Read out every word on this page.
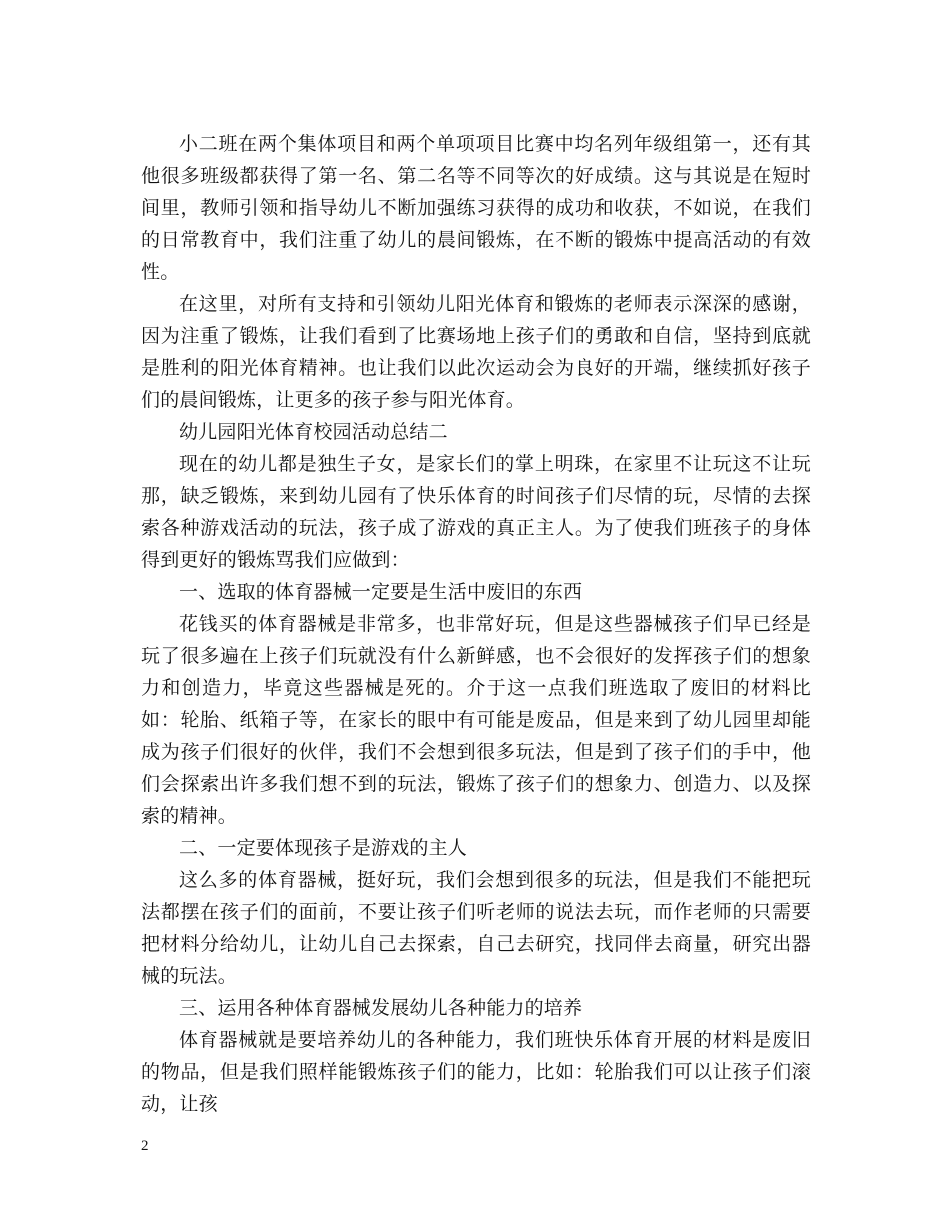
小二班在两个集体项目和两个单项项目比赛中均名列年级组第一，还有其他很多班级都获得了第一名、第二名等不同等次的好成绩。这与其说是在短时间里，教师引领和指导幼儿不断加强练习获得的成功和收获，不如说，在我们的日常教育中，我们注重了幼儿的晨间锻炼，在不断的锻炼中提高活动的有效性。

在这里，对所有支持和引领幼儿阳光体育和锻炼的老师表示深深的感谢，因为注重了锻炼，让我们看到了比赛场地上孩子们的勇敢和自信，坚持到底就是胜利的阳光体育精神。也让我们以此次运动会为良好的开端，继续抓好孩子们的晨间锻炼，让更多的孩子参与阳光体育。

幼儿园阳光体育校园活动总结二

现在的幼儿都是独生子女，是家长们的掌上明珠，在家里不让玩这不让玩那，缺乏锻炼，来到幼儿园有了快乐体育的时间孩子们尽情的玩，尽情的去探索各种游戏活动的玩法，孩子成了游戏的真正主人。为了使我们班孩子的身体得到更好的锻炼骂我们应做到：

一、选取的体育器械一定要是生活中废旧的东西

花钱买的体育器械是非常多，也非常好玩，但是这些器械孩子们早已经是玩了很多遍在上孩子们玩就没有什么新鲜感，也不会很好的发挥孩子们的想象力和创造力，毕竟这些器械是死的。介于这一点我们班选取了废旧的材料比如：轮胎、纸箱子等，在家长的眼中有可能是废品，但是来到了幼儿园里却能成为孩子们很好的伙伴，我们不会想到很多玩法，但是到了孩子们的手中，他们会探索出许多我们想不到的玩法，锻炼了孩子们的想象力、创造力、以及探索的精神。

二、一定要体现孩子是游戏的主人

这么多的体育器械，挺好玩，我们会想到很多的玩法，但是我们不能把玩法都摆在孩子们的面前，不要让孩子们听老师的说法去玩，而作老师的只需要把材料分给幼儿，让幼儿自己去探索，自己去研究，找同伴去商量，研究出器械的玩法。

三、运用各种体育器械发展幼儿各种能力的培养

体育器械就是要培养幼儿的各种能力，我们班快乐体育开展的材料是废旧的物品，但是我们照样能锻炼孩子们的能力，比如：轮胎我们可以让孩子们滚动，让孩

2
